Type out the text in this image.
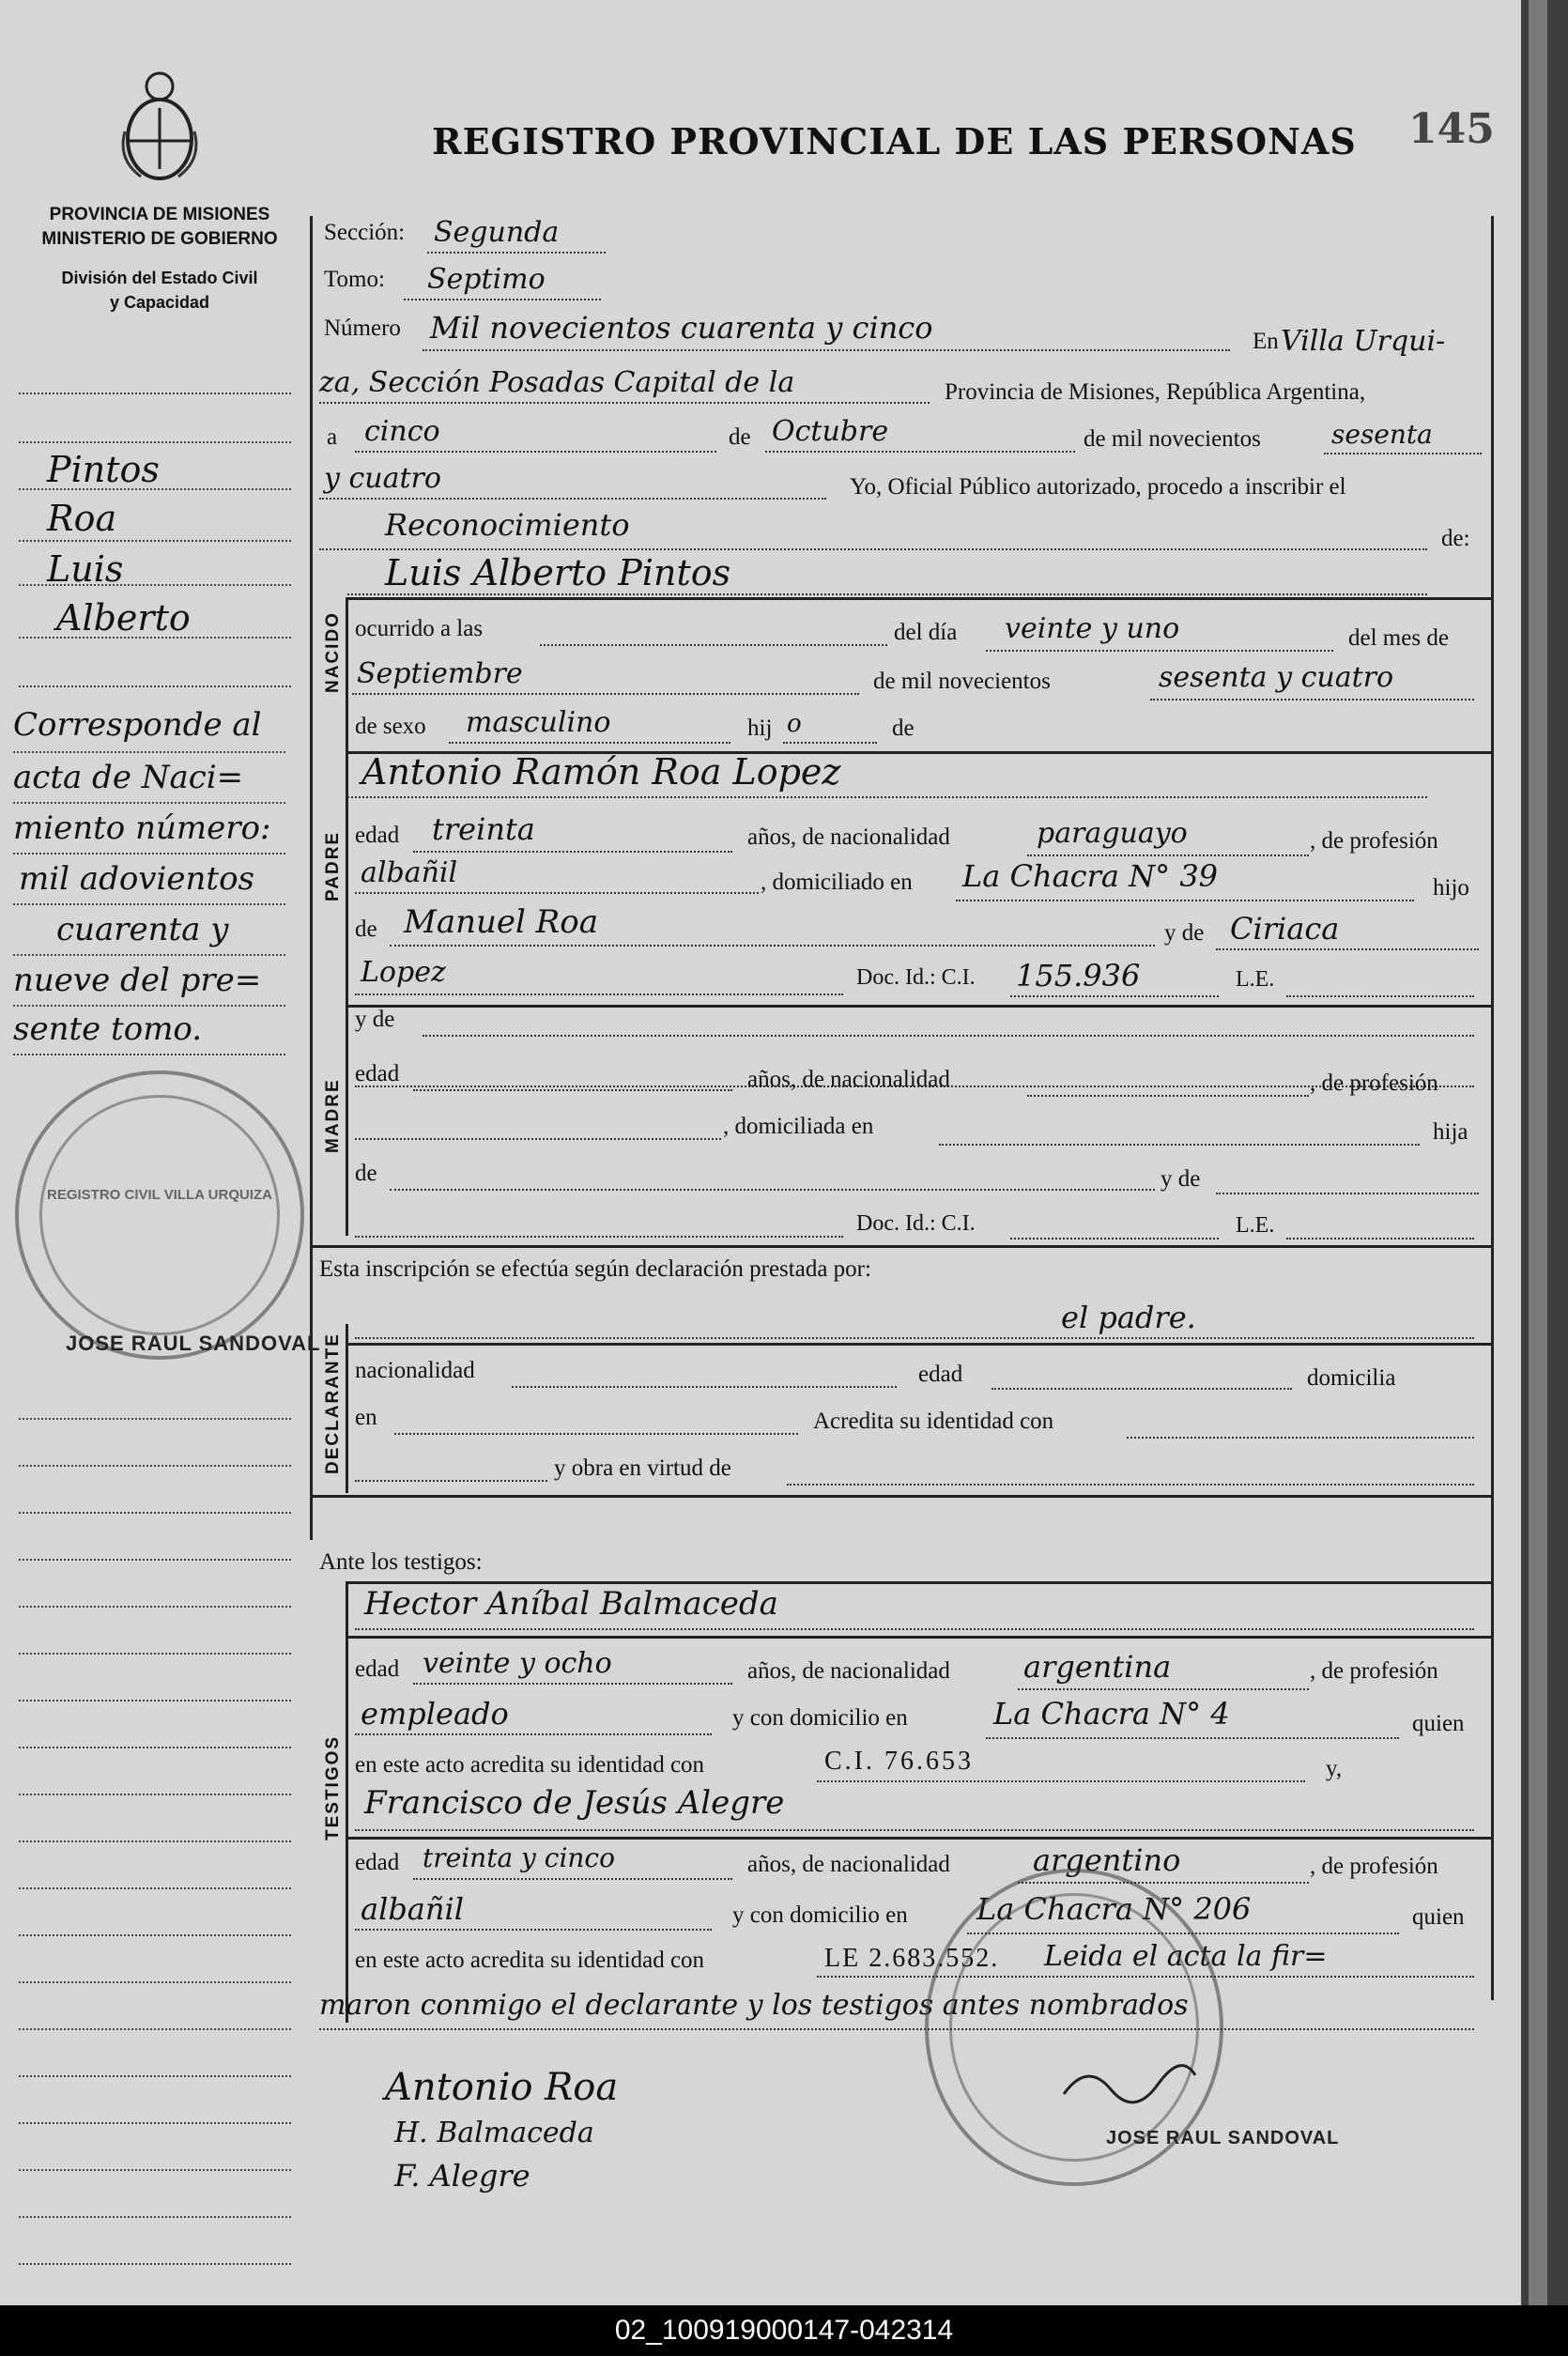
PROVINCIA DE MISIONES
MINISTERIO DE GOBIERNO
División del Estado Civil
y Capacidad
REGISTRO PROVINCIAL DE LAS PERSONAS 145
Pintos
Roa
Luis
Alberto
Corresponde al
acta de Naci=
miento número:
mil adovientos
cuarenta y
nueve del pre=
sente tomo.
Sección: Segunda
Tomo: Septimo
Número Mil novecientos cuarenta y cinco	En Villa Urqui-
za, Sección Posadas Capital de la	Provincia de Misiones, República Argentina,
a cinco	de Octubre	de mil novecientos	sesenta
y cuatro	Yo, Oficial Público autorizado, procedo a inscribir el
Reconocimiento	de:
Luis Alberto Pintos
NACIDO ocurrido a las	del día veinte y uno	del mes de
Septiembre	de mil novecientos	sesenta y cuatro
de sexo masculino	hij o	de
Antonio Ramón Roa Lopez
PADRE edad treinta	años, de nacionalidad	paraguayo	, de profesión
albañil	, domiciliado en La Chacra N° 39	hijo
de Manuel Roa	y de Ciriaca
Lopez	Doc. Id.: C.I. 155.936	L.E.
MADRE
y de
edad	años, de nacionalidad	, de profesión
, domiciliada en	hija
de	y de
Doc. Id.: C.I.	L.E.
Esta inscripción se efectúa según declaración prestada por:
el padre.
DECLARANTE nacionalidad	edad	domicilia
en	Acredita su identidad con
y obra en virtud de
Ante los testigos:
TESTIGOS
Hector Aníbal Balmaceda
edad veinte y ocho	años, de nacionalidad argentina	, de profesión
empleado	y con domicilio en	La Chacra N° 4	quien
en este acto acredita su identidad con	C.I. 76.653	y,
Francisco de Jesús Alegre
edad treinta y cinco	años, de nacionalidad	argentino	, de profesión
albañil	y con domicilio en La Chacra N° 206	quien
en este acto acredita su identidad con	LE 2.683.552. Leida el acta la fir=
maron conmigo el declarante y los testigos antes nombrados
REGISTRO CIVIL VILLA URQUIZA
JOSE RAUL SANDOVAL
JOSE RAUL SANDOVAL
Antonio Roa
H. Balmaceda
F. Alegre
02_100919000147-042314
